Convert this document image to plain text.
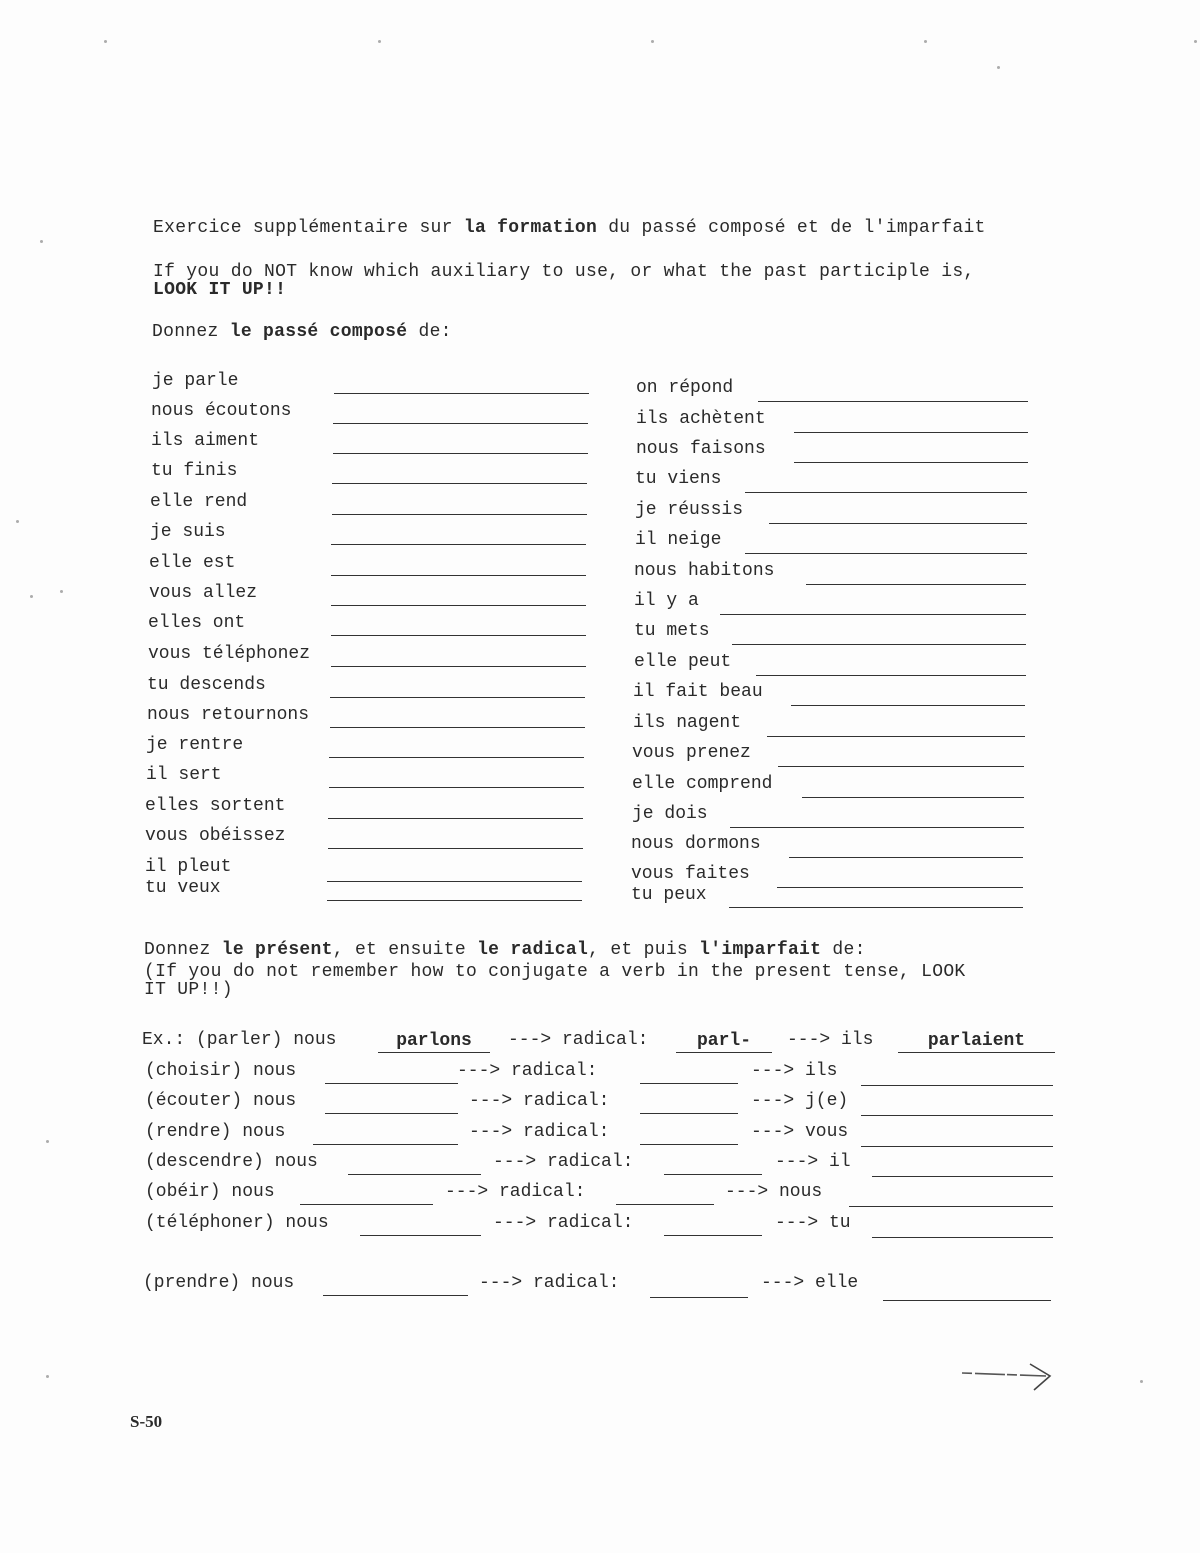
Exercice supplémentaire sur la formation du passé composé et de l'imparfait
If you do NOT know which auxiliary to use, or what the past participle is,
LOOK IT UP!!
Donnez le passé composé de:
je parle
nous écoutons
ils aiment
tu finis
elle rend
je suis
elle est
vous allez
elles ont
vous téléphonez
tu descends
nous retournons
je rentre
il sert
elles sortent
vous obéissez
il pleut
tu veux
on répond
ils achètent
nous faisons
tu viens
je réussis
il neige
nous habitons
il y a
tu mets
elle peut
il fait beau
ils nagent
vous prenez
elle comprend
je dois
nous dormons
vous faites
tu peux
Donnez le présent, et ensuite le radical, et puis l'imparfait de:
(If you do not remember how to conjugate a verb in the present tense, LOOK
IT UP!!)
Ex.: (parler) nous	parlons	---> radical:	parl-	---> ils	parlaient
(choisir) nous	---> radical:	---> ils
(écouter) nous	---> radical:	---> j(e)
(rendre) nous	---> radical:	---> vous
(descendre) nous	---> radical:	---> il
(obéir) nous	---> radical:	---> nous
(téléphoner) nous	---> radical:	---> tu
(prendre) nous	---> radical:	---> elle
S-50
